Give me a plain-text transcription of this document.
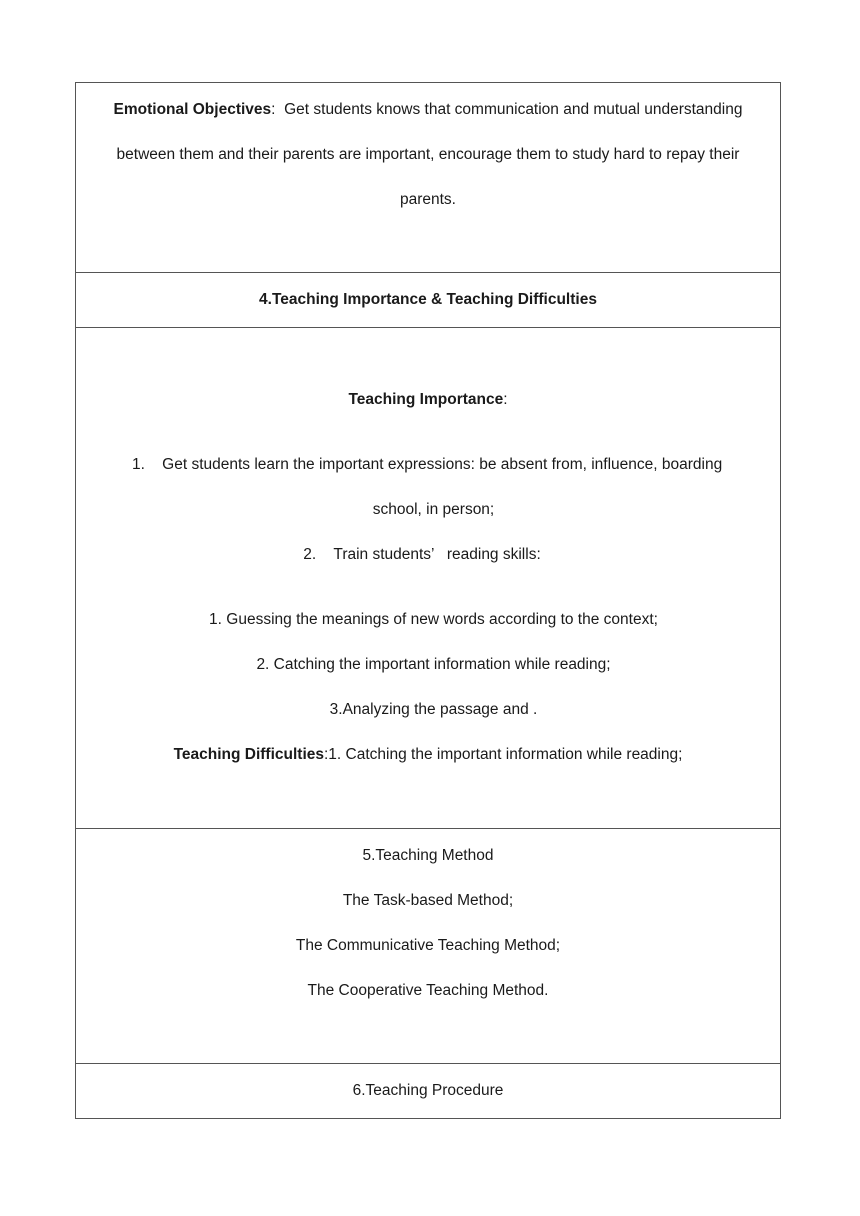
Emotional Objectives: Get students knows that communication and mutual understanding
between them and their parents are important, encourage them to study hard to repay their
parents.
4.Teaching Importance & Teaching Difficulties
Teaching Importance:
1. Get students learn the important expressions: be absent from, influence, boarding
school, in person;
2. Train students’   reading skills:
1. Guessing the meanings of new words according to the context;
2. Catching the important information while reading;
3.Analyzing the passage and .
Teaching Difficulties:1. Catching the important information while reading;
5.Teaching Method
The Task-based Method;
The Communicative Teaching Method;
The Cooperative Teaching Method.
6.Teaching Procedure
